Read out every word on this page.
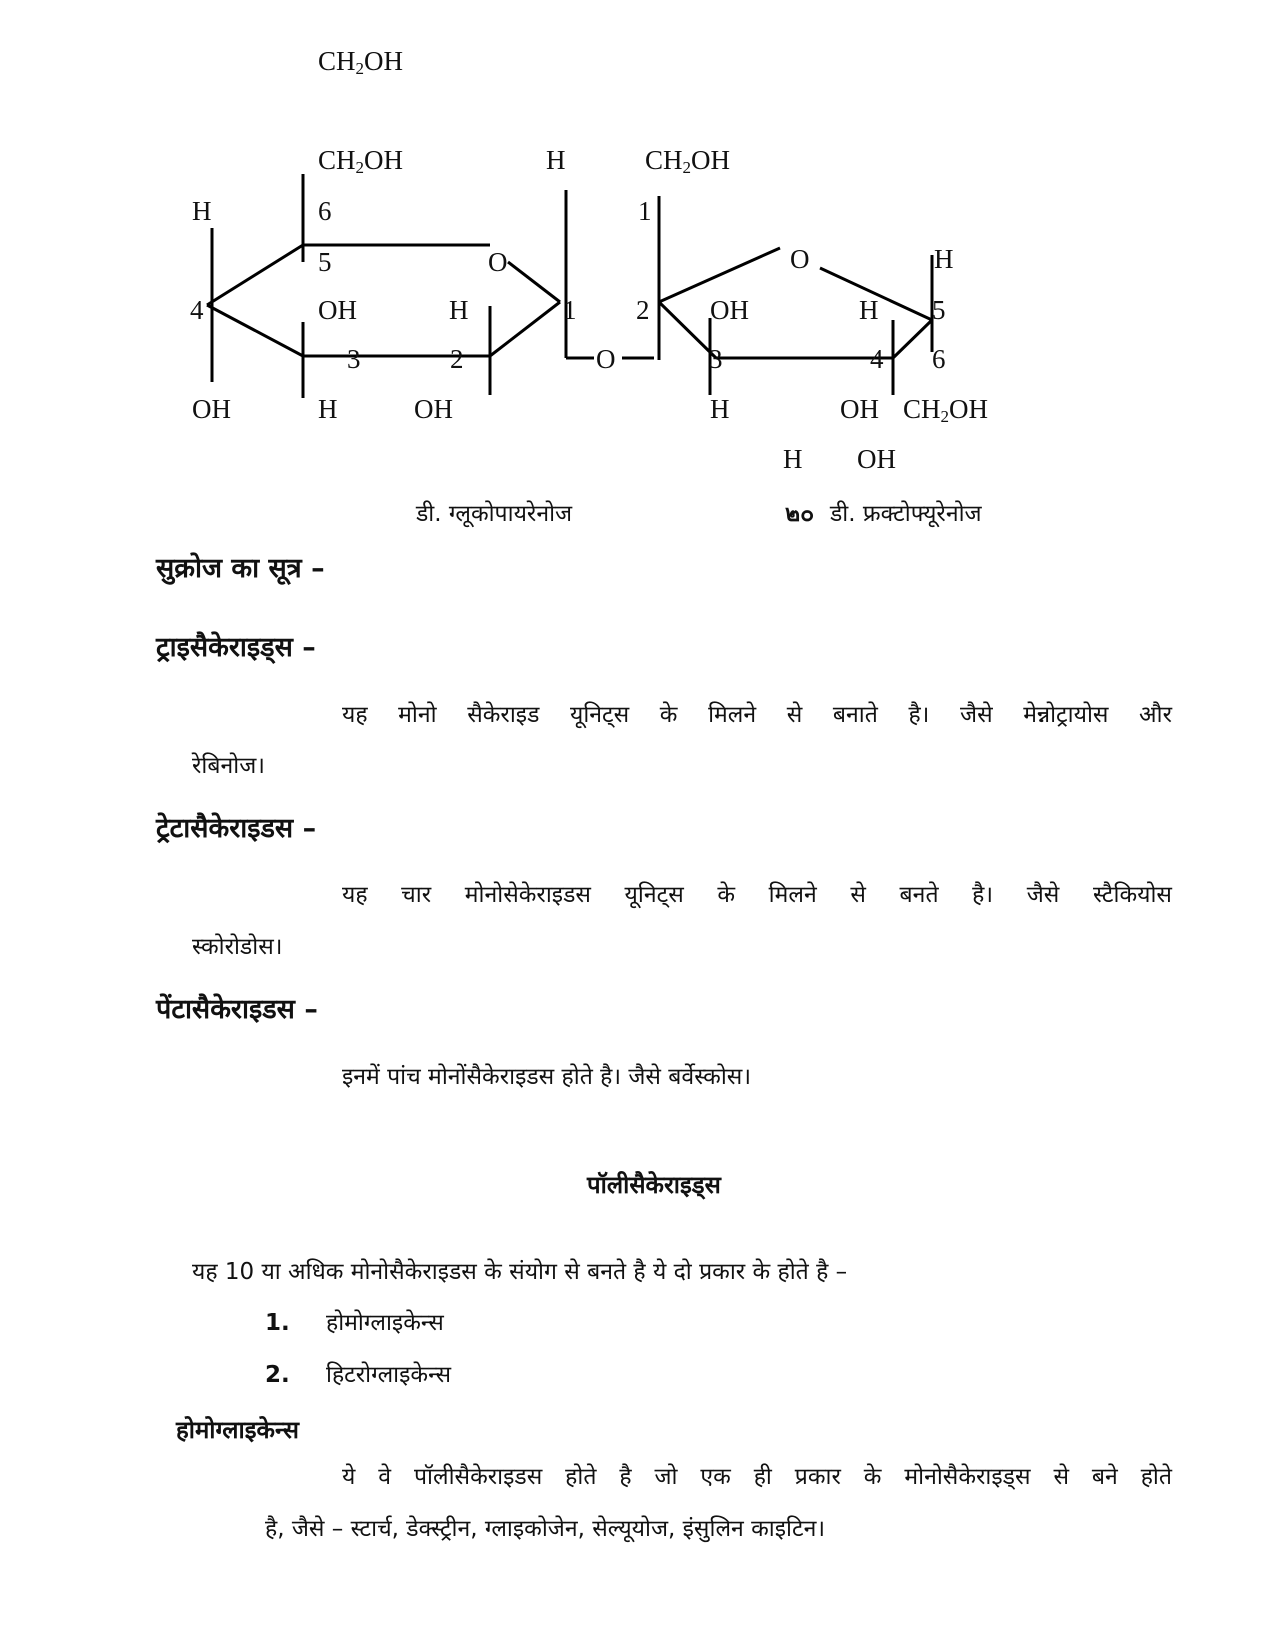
$CH_2OH$
$CH_2OH$	H	$CH_2OH$
H	6	1
5	O	O	H
4	OH	H	1 2 OH	H 5
3	2	O	3	4 6
OH	H	OH	H	OH $CH_2OH$
H OH
डी. ग्लूकोपायरेनोज	๒๐ डी. फ्रक्टोफ्यूरेनोज
सुक्रोज का सूत्र –
ट्राइसैकेराइड्स –
यह मोनो सैकेराइड यूनिट्स के मिलने से बनाते है। जैसे मेन्नोट्रायोस और
रेबिनोज।
ट्रेटासैकेराइडस –
यह चार मोनोसेकेराइडस यूनिट्स के मिलने से बनते है। जैसे स्टैकियोस
स्कोरोडोस।
पेंटासैकेराइडस –
इनमें पांच मोनोंसैकेराइडस होते है। जैसे बर्वेस्कोस।
पॉलीसैकेराइड्स
यह 10 या अधिक मोनोसैकेराइडस के संयोग से बनते है ये दो प्रकार के होते है –
1. होमोग्लाइकेन्स
2. हिटरोग्लाइकेन्स
होमोग्लाइकेन्स
ये वे पॉलीसैकेराइडस होते है जो एक ही प्रकार के मोनोसैकेराइड्स से बने होते
है, जैसे – स्टार्च, डेक्स्ट्रीन, ग्लाइकोजेन, सेल्यूयोज, इंसुलिन काइटिन।
